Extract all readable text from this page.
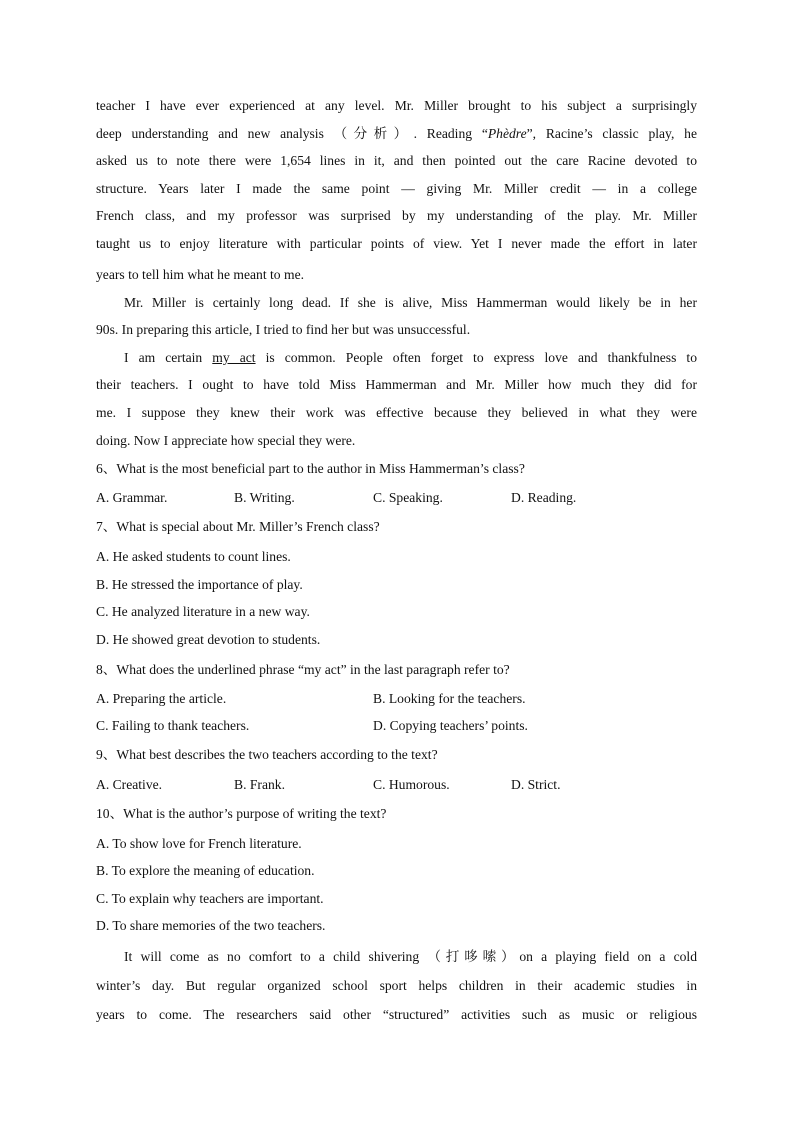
teacher I have ever experienced at any level. Mr. Miller brought to his subject a surprisingly
deep understanding and new analysis （分析）. Reading “Phèdre”, Racine’s classic play, he
asked us to note there were 1,654 lines in it, and then pointed out the care Racine devoted to
structure. Years later I made the same point — giving Mr. Miller credit — in a college
French class, and my professor was surprised by my understanding of the play. Mr. Miller
taught us to enjoy literature with particular points of view. Yet I never made the effort in later
years to tell him what he meant to me.
Mr. Miller is certainly long dead. If she is alive, Miss Hammerman would likely be in her
90s. In preparing this article, I tried to find her but was unsuccessful.
I am certain my act is common. People often forget to express love and thankfulness to
their teachers. I ought to have told Miss Hammerman and Mr. Miller how much they did for
me. I suppose they knew their work was effective because they believed in what they were
doing. Now I appreciate how special they were.
6、What is the most beneficial part to the author in Miss Hammerman’s class?
A. Grammar.	B. Writing.	C. Speaking.	D. Reading.
7、What is special about Mr. Miller’s French class?
A. He asked students to count lines.
B. He stressed the importance of play.
C. He analyzed literature in a new way.
D. He showed great devotion to students.
8、What does the underlined phrase “my act” in the last paragraph refer to?
A. Preparing the article.	B. Looking for the teachers.
C. Failing to thank teachers.	D. Copying teachers’ points.
9、What best describes the two teachers according to the text?
A. Creative.	B. Frank.	C. Humorous.	D. Strict.
10、What is the author’s purpose of writing the text?
A. To show love for French literature.
B. To explore the meaning of education.
C. To explain why teachers are important.
D. To share memories of the two teachers.
It will come as no comfort to a child shivering （打哆嗦）on a playing field on a cold
winter’s day. But regular organized school sport helps children in their academic studies in
years to come. The researchers said other “structured” activities such as music or religious
